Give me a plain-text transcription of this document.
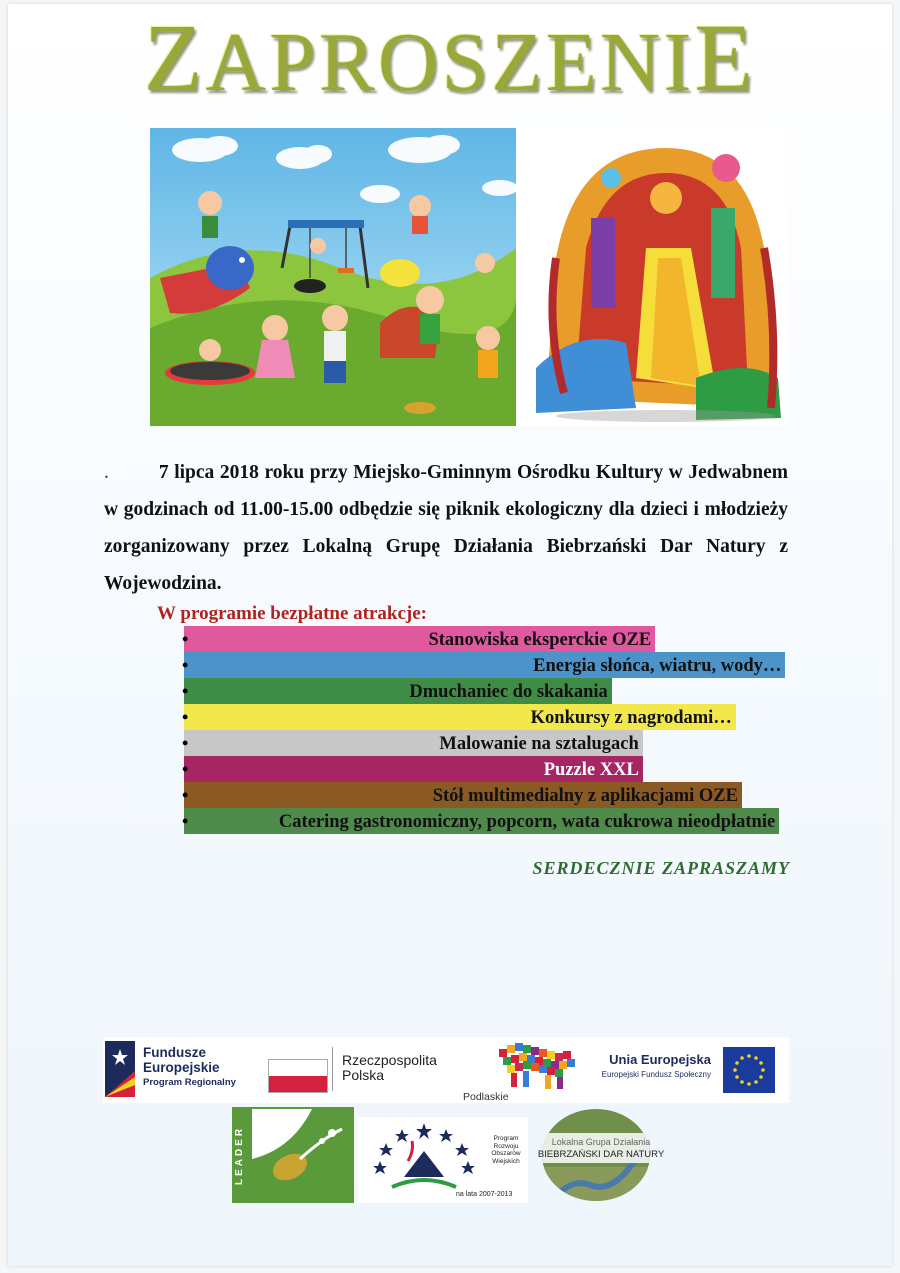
ZAPROSZENIE
.	7 lipca 2018 roku przy Miejsko-Gminnym Ośrodku Kultury w Jedwabnem w godzinach od 11.00-15.00 odbędzie się piknik ekologiczny dla dzieci i młodzieży zorganizowany przez Lokalną Grupę Działania Biebrzański Dar Natury z Wojewodzina.
W programie bezpłatne atrakcje:
• Stanowiska eksperckie OZE
• Energia słońca, wiatru, wody…
• Dmuchaniec do skakania
• Konkursy z nagrodami…
• Malowanie na sztalugach
• Puzzle XXL
• Stół multimedialny z aplikacjami OZE
• Catering gastronomiczny, popcorn, wata cukrowa nieodpłatnie
SERDECZNIE ZAPRASZAMY
Fundusze
Europejskie
Program Regionalny
Rzeczpospolita
Polska
Podlaskie
Unia Europejska
Europejski Fundusz Społeczny
LEADER	Program
Rozwoju
Obszarów
Wiejskich
na lata 2007-2013
Lokalna Grupa Działania
BIEBRZAŃSKI DAR NATURY
